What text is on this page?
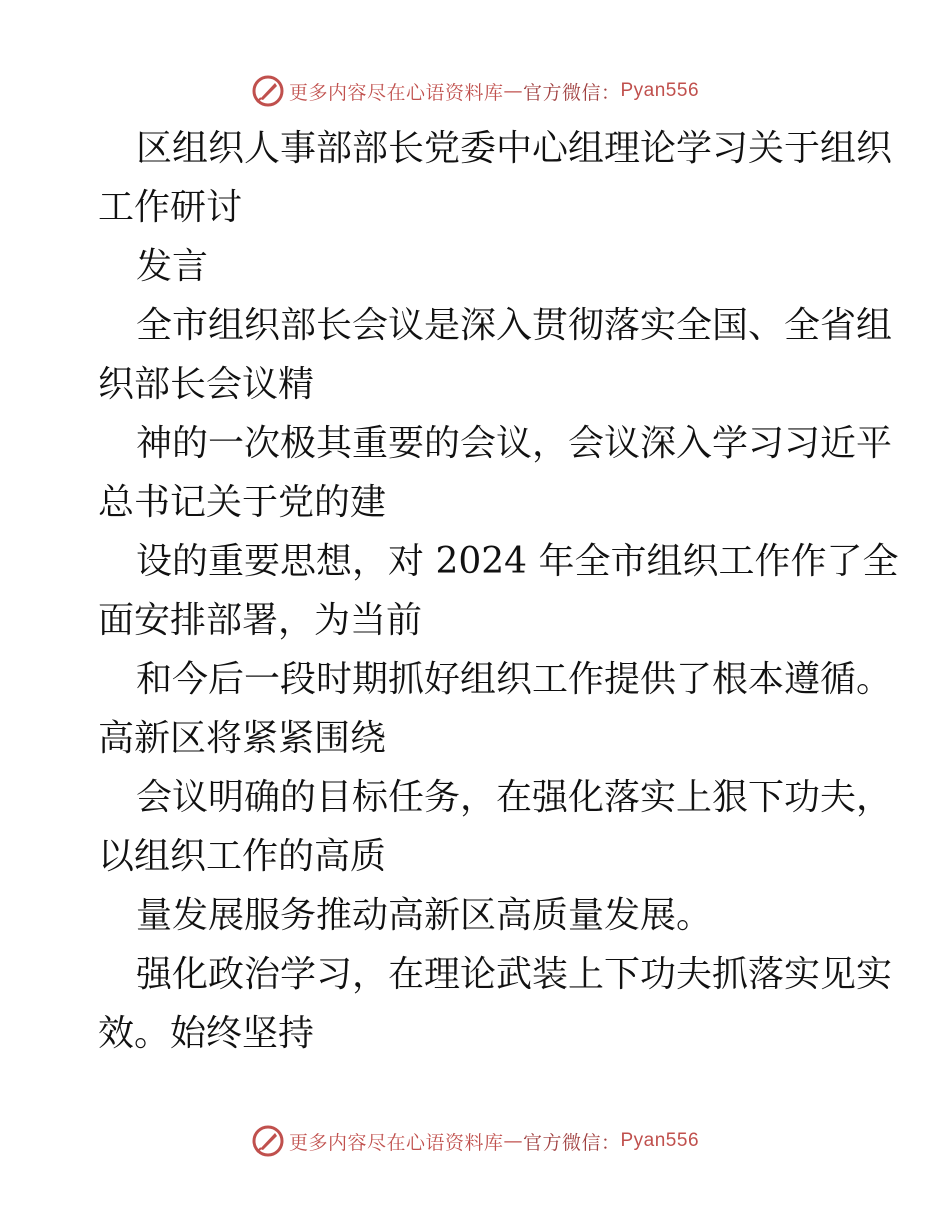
更多内容尽在心语资料库 — 官方微信： Pyan556
区组织人事部部长党委中心组理论学习关于组织
工作研讨
发言
全市组织部长会议是深入贯彻落实全国、全省组
织部长会议精
神的一次极其重要的会议，会议深入学习习近平
总书记关于党的建
设的重要思想，对 2024 年全市组织工作作了全
面安排部署，为当前
和今后一段时期抓好组织工作提供了根本遵循。
高新区将紧紧围绕
会议明确的目标任务，在强化落实上狠下功夫，
以组织工作的高质
量发展服务推动高新区高质量发展。
强化政治学习，在理论武装上下功夫抓落实见实
效。始终坚持
更多内容尽在心语资料库 — 官方微信： Pyan556
